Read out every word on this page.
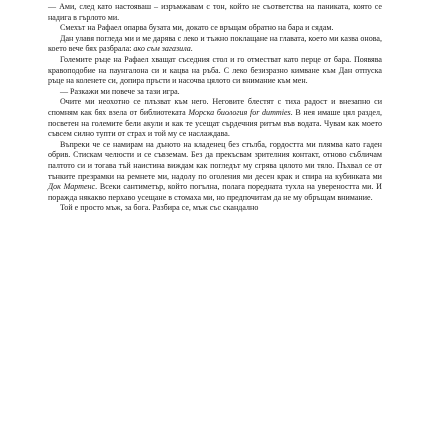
— Ами, след като настояваш – изръмжавам с тон, който не съответства на паниката, която се надига в гърлото ми.

Смехът на Рафаел опарва бузата ми, докато се връщам обратно на бара и сядам.

Дан улавя погледа ми и ме дарява с леко и тъжно поклащане на главата, което ми казва онова, което вече бях разбрала: ако съм загазила.

Големите ръце на Рафаел хващат съседния стол и го отместват като перце от бара. Появява кравоподобие на паунгалона си и кацва на ръба. С леко безизразно кимване към Дан отпуска ръце на коленете си, допира пръсти и насочва цялото си внимание към мен.

— Разкажи ми повече за тази игра.

Очите ми неохотно се плъзват към него. Неговите блестят с тиха радост и внезапно си спомням как бях взела от библиотеката Морска биология for dummies. В нея имаше цял раздел, посветен на големите бели акули и как те усещат сърдечния ритъм във водата. Чувам как моето съвсем силно тупти от страх и той му се наслаждава.

Въпреки че се намирам на дъното на кладенец без стълба, гордостта ми плямва като гаден обрив. Стискам челюсти и се съвземам. Без да прекъсвам зрителния контакт, отново събличам палтото си и тогава тъй наистина виждам как погледът му сгрява цялото ми тяло. Пъхвал се от тънките презрамки на ремнете ми, надолу по оголения ми десен крак и спира на кубинката ми Док Мартенс. Всеки сантиметър, който погълна, полага поредната тухла на увереността ми. И поражда някакво перхаво усещане в стомаха ми, но предпочитам да не му обръщам внимание.

Той е просто мъж, за бога. Разбира се, мъж със скандално
